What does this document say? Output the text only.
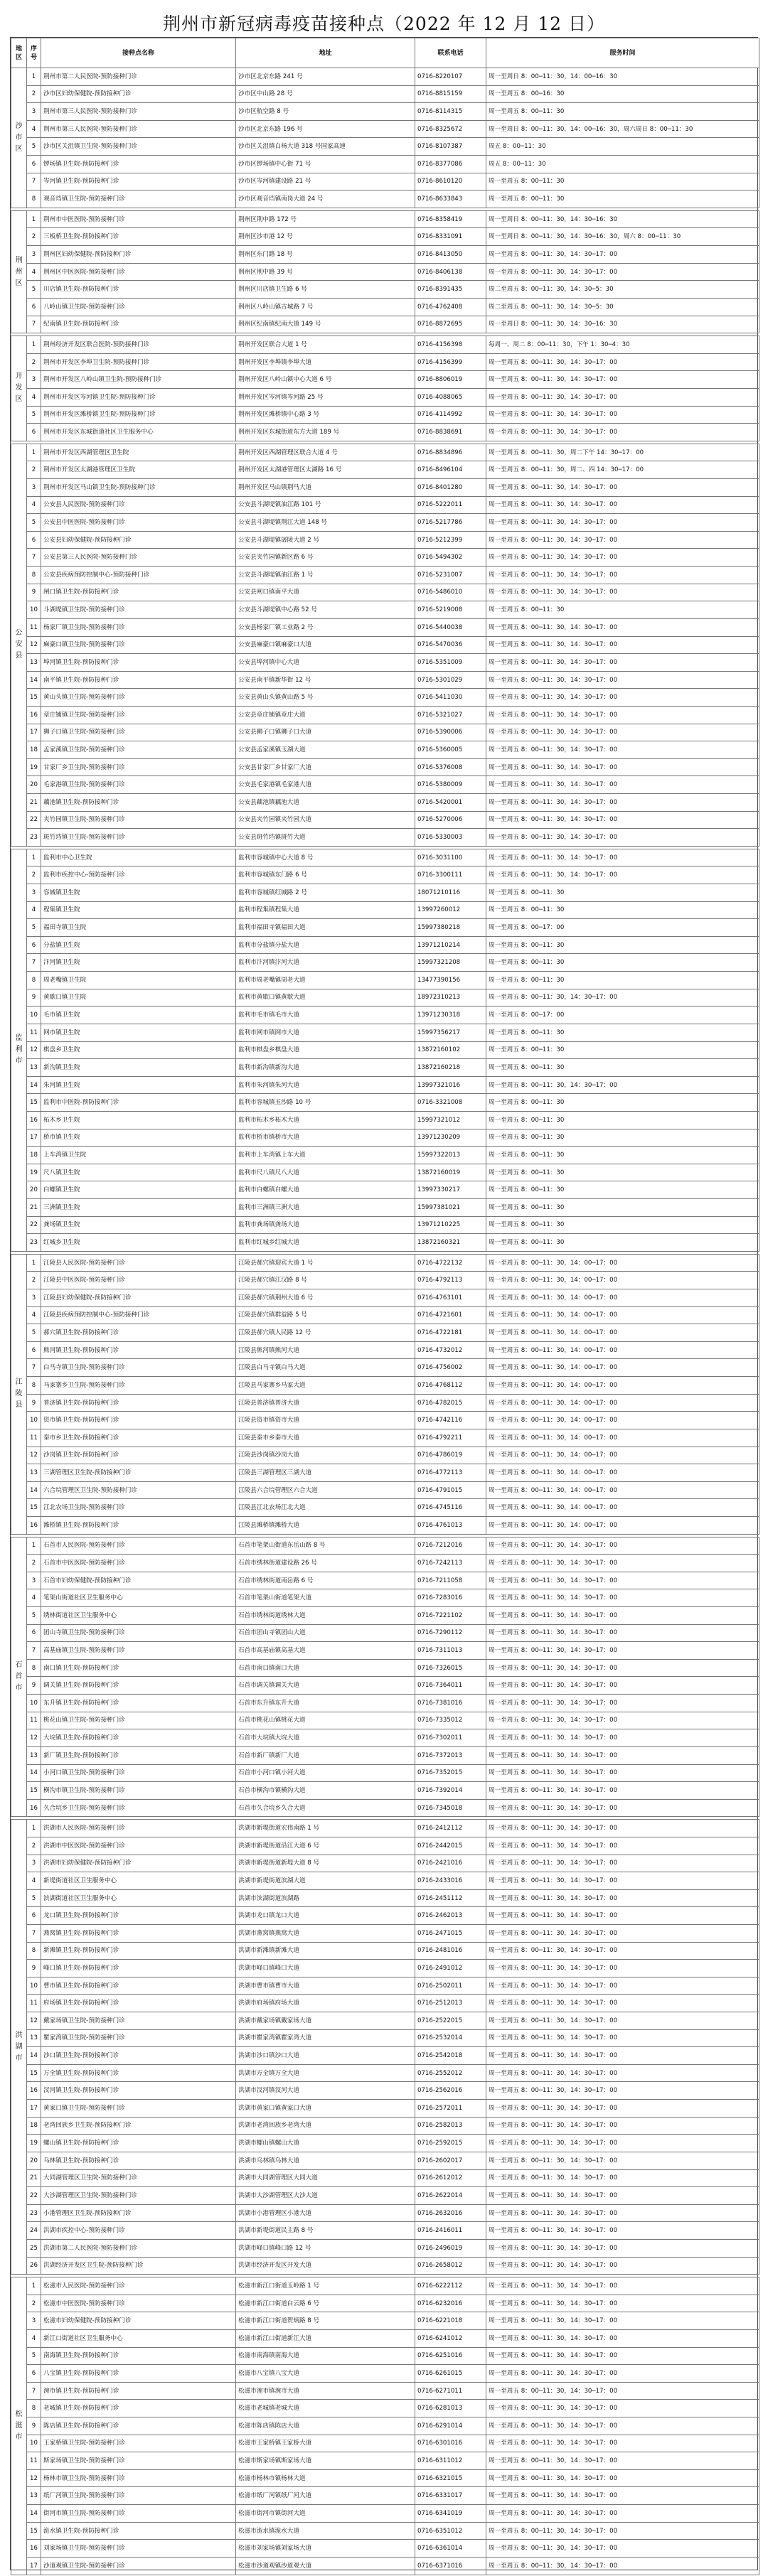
荆州市新冠病毒疫苗接种点（2022 年 12 月 12 日）
地区	序号	接种点名称	地址	联系电话	服务时间
沙
市
区	1	荆州市第二人民医院-预防接种门诊	沙市区北京东路 241 号	0716-8220107	周一至周日 8：00─11：30，14：00─16：30
	2	沙市区妇幼保健院-预防接种门诊	沙市区中山路 28 号	0716-8815159	周一至周五 8：00─16：30
	3	荆州市第三人民医院-预防接种门诊	沙市区航空路 8 号	0716-8114315	周一至周五 8：00─11：30
	4	荆州市第三人民医院-预防接种门诊	沙市区北京东路 196 号	0716-8325672	周一至周日 8：00─11：30，14：00─16：30，周六周日 8：00─11：30
	5	沙市区关沮镇卫生院-预防接种门诊	沙市区关沮镇白杨大道 318 号国家高速	0716-8107387	周五 8：00─11：30
	6	锣场镇卫生院-预防接种门诊	沙市区锣场镇中心街 71 号	0716-8377086	周五 8：00─11：30
	7	岑河镇卫生院-预防接种门诊	沙市区岑河镇建设路 21 号	0716-8610120	周一至周五 8：00─11：30
	8	观音垱镇卫生院-预防接种门诊	沙市区观音垱镇南岗大道 24 号	0716-8633843	周一至周五 8：00─11：30

荆
州
区	1	荆州市中医医院-预防接种门诊	荆州区荆中路 172 号	0716-8358419	周一至周日 8：00─11：30，14：30─16：30
	2	三板桥卫生院-预防接种门诊	荆州区沙市港 12 号	0716-8331091	周一至周日 8：00─11：30，14：30─16：30，周六 8：00─11：30
	3	荆州区妇幼保健院-预防接种门诊	荆州区东门路 18 号	0716-8413050	周一至周五 8：00─11：30，14：30─17：00
	4	荆州区中医医院-预防接种门诊	荆州区荆中路 39 号	0716-8406138	周一至周五 8：00─11：30，14：30─17：00
	5	川店镇卫生院-预防接种门诊	荆州区川店镇卫生路 6 号	0716-8391435	周二至周五 8：00─11：30，14：30─5：30
	6	八岭山镇卫生院-预防接种门诊	荆州区八岭山镇古城路 7 号	0716-4762408	周二至周五 8：00─11：30，14：30─5：30
	7	纪南镇卫生院-预防接种门诊	荆州区纪南镇纪南大道 149 号	0716-8872695	周一至周日 8：00─11：30，14：30─16：30

开
发
区	1	荆州经济开发区联合医院-预防接种门诊	荆州开发区联合大道 1 号	0716-4156398	每周一、周二 8：00─11：30，下午 1：30─4：30
	2	荆州市开发区李埠卫生院-预防接种门诊	荆州开发区李埠镇李埠大道	0716-4156399	周一至周五 8：00─11：30，14：30─17：00
	3	荆州市开发区八岭山镇卫生院-预防接种门诊	荆州开发区八岭山镇中心大道 6 号	0716-8806019	周一至周五 8：00─11：30，14：30─17：00
	4	荆州市开发区岑河镇卫生院-预防接种门诊	荆州开发区岑河镇岑河路 25 号	0716-4088065	周一至周五 8：00─11：30，14：30─17：00
	5	荆州市开发区滩桥镇卫生院-预防接种门诊	荆州开发区滩桥镇中心路 3 号	0716-4114992	周一至周五 8：00─11：30，14：30─17：00
	6	荆州市开发区东城街道社区卫生服务中心	荆州开发区东城街道东方大道 189 号	0716-8838691	周一至周五 8：00─11：30，14：30─17：00

公
安
县	1	荆州市开发区西湖管理区卫生院	荆州开发区西湖管理区联合大道 4 号	0716-8834896	周一至周五 8：00─11：30，周二下午 14：30─17：00
	2	荆州市开发区太湖港管理区卫生院	荆州开发区太湖港管理区太湖路 16 号	0716-8496104	周一至周五 8：00─11：30，周二、四 14：30─17：00
	3	荆州市开发区马山镇卫生院-预防接种门诊	荆州开发区马山镇荆马大道	0716-8401280	周一至周五 8：00─11：30，14：30─17：00
	4	公安县人民医院-预防接种门诊	公安县斗湖堤镇油江路 101 号	0716-5222011	周一至周五 8：00─11：30，14：30─17：00
	5	公安县中医医院-预防接种门诊	公安县斗湖堤镇荆江大道 148 号	0716-5217786	周一至周五 8：00─11：30，14：30─17：00
	6	公安县妇幼保健院-预防接种门诊	公安县斗湖堤镇孱陵大道 2 号	0716-5212399	周一至周五 8：00─11：30，14：30─17：00
	7	公安县第三人民医院-预防接种门诊	公安县夹竹园镇新区路 6 号	0716-5494302	周一至周五 8：00─11：30，14：30─17：00
	8	公安县疾病预防控制中心-预防接种门诊	公安县斗湖堤镇油江路 1 号	0716-5231007	周一至周五 8：00─11：30，14：30─17：00
	9	闸口镇卫生院-预防接种门诊	公安县闸口镇南平大道	0716-5486010	周一至周五 8：00─11：30，14：30─17：00
	10	斗湖堤镇卫生院-预防接种门诊	公安县斗湖堤镇中心路 52 号	0716-5219008	周一至周五 8：00─11：30
	11	杨家厂镇卫生院-预防接种门诊	公安县杨家厂镇工业路 2 号	0716-5440038	周一至周五 8：00─11：30，14：30─17：00
	12	麻豪口镇卫生院-预防接种门诊	公安县麻豪口镇麻豪口大道	0716-5470036	周一至周五 8：00─11：30，14：30─17：00
	13	埠河镇卫生院-预防接种门诊	公安县埠河镇中心大道	0716-5351009	周一至周五 8：00─11：30，14：30─17：00
	14	南平镇卫生院-预防接种门诊	公安县南平镇新华街 12 号	0716-5301029	周一至周五 8：00─11：30，14：30─17：00
	15	黄山头镇卫生院-预防接种门诊	公安县黄山头镇黄山路 5 号	0716-5411030	周一至周五 8：00─11：30，14：30─17：00
	16	章庄铺镇卫生院-预防接种门诊	公安县章庄铺镇章庄大道	0716-5321027	周一至周五 8：00─11：30，14：30─17：00
	17	狮子口镇卫生院-预防接种门诊	公安县狮子口镇狮子口大道	0716-5390006	周一至周五 8：00─11：30，14：30─17：00
	18	孟家溪镇卫生院-预防接种门诊	公安县孟家溪镇玉湖大道	0716-5360005	周一至周五 8：00─11：30，14：30─17：00
	19	甘家厂乡卫生院-预防接种门诊	公安县甘家厂乡甘家厂大道	0716-5376008	周一至周五 8：00─11：30，14：30─17：00
	20	毛家港镇卫生院-预防接种门诊	公安县毛家港镇毛家港大道	0716-5380009	周一至周五 8：00─11：30，14：30─17：00
	21	藕池镇卫生院-预防接种门诊	公安县藕池镇藕池大道	0716-5420001	周一至周五 8：00─11：30，14：30─17：00
	22	夹竹园镇卫生院-预防接种门诊	公安县夹竹园镇夹竹园大道	0716-5270006	周一至周五 8：00─11：30，14：30─17：00
	23	斑竹垱镇卫生院-预防接种门诊	公安县斑竹垱镇斑竹大道	0716-5330003	周一至周五 8：00─11：30，14：30─17：00

监
利
市	1	监利市中心卫生院	监利市容城镇中心大道 8 号	0716-3031100	周一至周五 8：00─11：30，14：30─17：00
	2	监利市疾控中心-预防接种门诊	监利市容城镇东门路 6 号	0716-3300111	周一至周五 8：00─11：30，14：30─17：00
	3	容城镇卫生院	监利市容城镇红城路 2 号	18071210116	周一至周五 8：00─11：30
	4	程集镇卫生院	监利市程集镇程集大道	13997260012	周一至周五 8：00─11：30
	5	福田寺镇卫生院	监利市福田寺镇福田大道	15997380218	周一至周五 8：00─17：00
	6	分盐镇卫生院	监利市分盐镇分盐大道	13971210214	周一至周五 8：00─11：30
	7	汴河镇卫生院	监利市汴河镇汴河大道	15997321208	周一至周五 8：00─11：30
	8	周老嘴镇卫生院	监利市周老嘴镇周老大道	13477390156	周一至周五 8：00─11：30
	9	黄歇口镇卫生院	监利市黄歇口镇黄歇大道	18972310213	周一至周五 8：00─11：30，14：30─17：00
	10	毛市镇卫生院	监利市毛市镇毛市大道	13971230318	周一至周五 8：00─17：00
	11	网市镇卫生院	监利市网市镇网市大道	15997356217	周一至周五 8：00─11：30
	12	棋盘乡卫生院	监利市棋盘乡棋盘大道	13872160102	周一至周五 8：00─11：30
	13	新沟镇卫生院	监利市新沟镇新沟大道	13872160218	周一至周五 8：00─11：30
	14	朱河镇卫生院	监利市朱河镇朱河大道	13997321016	周一至周五 8：00─11：30，14：30─17：00
	15	监利市中医院-预防接种门诊	监利市容城镇玉沙路 10 号	0716-3321008	周一至周五 8：00─11：30
	16	柘木乡卫生院	监利市柘木乡柘木大道	15997321012	周一至周五 8：00─11：30
	17	桥市镇卫生院	监利市桥市镇桥市大道	13971230209	周一至周五 8：00─11：30
	18	上车湾镇卫生院	监利市上车湾镇上车大道	15997322013	周一至周五 8：00─11：30
	19	尺八镇卫生院	监利市尺八镇尺八大道	13872160019	周一至周五 8：00─11：30
	20	白螺镇卫生院	监利市白螺镇白螺大道	13997330217	周一至周五 8：00─11：30
	21	三洲镇卫生院	监利市三洲镇三洲大道	15997381021	周一至周五 8：00─11：30
	22	龚场镇卫生院	监利市龚场镇龚场大道	13971210225	周一至周五 8：00─11：30
	23	红城乡卫生院	监利市红城乡红城大道	13872160321	周一至周五 8：00─11：30

江
陵
县	1	江陵县人民医院-预防接种门诊	江陵县郝穴镇迎宾大道 1 号	0716-4722132	周一至周五 8：00─11：30，14：00─17：00
	2	江陵县中医医院-预防接种门诊	江陵县郝穴镇江汉路 8 号	0716-4792113	周一至周五 8：00─11：30，14：00─17：00
	3	江陵县妇幼保健院-预防接种门诊	江陵县郝穴镇荆州大道 6 号	0716-4763101	周一至周五 8：00─11：30，14：00─17：00
	4	江陵县疾病预防控制中心-预防接种门诊	江陵县郝穴镇群益路 5 号	0716-4721601	周一至周五 8：00─11：30，14：00─17：00
	5	郝穴镇卫生院-预防接种门诊	江陵县郝穴镇人民路 12 号	0716-4722181	周一至周五 8：00─11：30，14：00─17：00
	6	熊河镇卫生院-预防接种门诊	江陵县熊河镇熊河大道	0716-4732012	周一至周五 8：00─11：30，14：00─17：00
	7	白马寺镇卫生院-预防接种门诊	江陵县白马寺镇白马大道	0716-4756002	周一至周五 8：00─11：30，14：00─17：00
	8	马家寨乡卫生院-预防接种门诊	江陵县马家寨乡马家大道	0716-4768112	周一至周五 8：00─11：30，14：00─17：00
	9	普济镇卫生院-预防接种门诊	江陵县普济镇普济大道	0716-4782015	周一至周五 8：00─11：30，14：00─17：00
	10	资市镇卫生院-预防接种门诊	江陵县资市镇资市大道	0716-4742116	周一至周五 8：00─11：30，14：00─17：00
	11	秦市乡卫生院-预防接种门诊	江陵县秦市乡秦市大道	0716-4792211	周一至周五 8：00─11：30，14：00─17：00
	12	沙岗镇卫生院-预防接种门诊	江陵县沙岗镇沙岗大道	0716-4786019	周一至周五 8：00─11：30，14：00─17：00
	13	三湖管理区卫生院-预防接种门诊	江陵县三湖管理区三湖大道	0716-4772113	周一至周五 8：00─11：30，14：00─17：00
	14	六合垸管理区卫生院-预防接种门诊	江陵县六合垸管理区六合大道	0716-4791015	周一至周五 8：00─11：30，14：00─17：00
	15	江北农场卫生院-预防接种门诊	江陵县江北农场江北大道	0716-4745116	周一至周五 8：00─11：30，14：00─17：00
	16	滩桥镇卫生院-预防接种门诊	江陵县滩桥镇滩桥大道	0716-4761013	周一至周五 8：00─11：30，14：00─17：00

石
首
市	1	石首市人民医院-预防接种门诊	石首市笔架山街道东岳山路 8 号	0716-7212016	周一至周五 8：00─11：30，14：30─17：00
	2	石首市中医医院-预防接种门诊	石首市绣林街道建设路 26 号	0716-7242113	周一至周五 8：00─11：30，14：30─17：00
	3	石首市妇幼保健院-预防接种门诊	石首市绣林街道南岳路 6 号	0716-7211058	周一至周五 8：00─11：30，14：30─17：00
	4	笔架山街道社区卫生服务中心	石首市笔架山街道笔架大道	0716-7283016	周一至周五 8：00─11：30，14：30─17：00
	5	绣林街道社区卫生服务中心	石首市绣林街道绣林大道	0716-7221102	周一至周五 8：00─11：30，14：30─17：00
	6	团山寺镇卫生院-预防接种门诊	石首市团山寺镇团山大道	0716-7290112	周一至周五 8：00─11：30，14：30─17：00
	7	高基庙镇卫生院-预防接种门诊	石首市高基庙镇高基大道	0716-7311013	周一至周五 8：00─11：30，14：30─17：00
	8	南口镇卫生院-预防接种门诊	石首市南口镇南口大道	0716-7326015	周一至周五 8：00─11：30，14：30─17：00
	9	调关镇卫生院-预防接种门诊	石首市调关镇调关大道	0716-7364011	周一至周五 8：00─11：30，14：30─17：00
	10	东升镇卫生院-预防接种门诊	石首市东升镇东升大道	0716-7381016	周一至周五 8：00─11：30，14：30─17：00
	11	桃花山镇卫生院-预防接种门诊	石首市桃花山镇桃花大道	0716-7335012	周一至周五 8：00─11：30，14：30─17：00
	12	大垸镇卫生院-预防接种门诊	石首市大垸镇大垸大道	0716-7302011	周一至周五 8：00─11：30，14：30─17：00
	13	新厂镇卫生院-预防接种门诊	石首市新厂镇新厂大道	0716-7372013	周一至周五 8：00─11：30，14：30─17：00
	14	小河口镇卫生院-预防接种门诊	石首市小河口镇小河大道	0716-7352015	周一至周五 8：00─11：30，14：30─17：00
	15	横沟市镇卫生院-预防接种门诊	石首市横沟市镇横沟大道	0716-7392014	周一至周五 8：00─11：30，14：30─17：00
	16	久合垸乡卫生院-预防接种门诊	石首市久合垸乡久合大道	0716-7345018	周一至周五 8：00─11：30，14：30─17：00

洪
湖
市	1	洪湖市人民医院-预防接种门诊	洪湖市新堤街道宏伟南路 1 号	0716-2412112	周一至周五 8：00─11：30，14：30─17：00
	2	洪湖市中医医院-预防接种门诊	洪湖市新堤街道沿江大道 6 号	0716-2442015	周一至周五 8：00─11：30，14：30─17：00
	3	洪湖市妇幼保健院-预防接种门诊	洪湖市新堤街道新堤大道 8 号	0716-2421016	周一至周五 8：00─11：30，14：30─17：00
	4	新堤街道社区卫生服务中心	洪湖市新堤街道滨湖大道	0716-2433016	周一至周五 8：00─11：30，14：30─17：00
	5	滨湖街道社区卫生服务中心	洪湖市滨湖街道滨湖路	0716-2451112	周一至周五 8：00─11：30，14：30─17：00
	6	龙口镇卫生院-预防接种门诊	洪湖市龙口镇龙口大道	0716-2462013	周一至周五 8：00─11：30，14：30─17：00
	7	燕窝镇卫生院-预防接种门诊	洪湖市燕窝镇燕窝大道	0716-2471015	周一至周五 8：00─11：30，14：30─17：00
	8	新滩镇卫生院-预防接种门诊	洪湖市新滩镇新滩大道	0716-2481016	周一至周五 8：00─11：30，14：30─17：00
	9	峰口镇卫生院-预防接种门诊	洪湖市峰口镇峰口大道	0716-2491012	周一至周五 8：00─11：30，14：30─17：00
	10	曹市镇卫生院-预防接种门诊	洪湖市曹市镇曹市大道	0716-2502011	周一至周五 8：00─11：30，14：30─17：00
	11	府场镇卫生院-预防接种门诊	洪湖市府场镇府场大道	0716-2512013	周一至周五 8：00─11：30，14：30─17：00
	12	戴家场镇卫生院-预防接种门诊	洪湖市戴家场镇戴家场大道	0716-2522015	周一至周五 8：00─11：30，14：30─17：00
	13	瞿家湾镇卫生院-预防接种门诊	洪湖市瞿家湾镇瞿家湾大道	0716-2532014	周一至周五 8：00─11：30，14：30─17：00
	14	沙口镇卫生院-预防接种门诊	洪湖市沙口镇沙口大道	0716-2542018	周一至周五 8：00─11：30，14：30─17：00
	15	万全镇卫生院-预防接种门诊	洪湖市万全镇万全大道	0716-2552012	周一至周五 8：00─11：30，14：30─17：00
	16	汊河镇卫生院-预防接种门诊	洪湖市汊河镇汊河大道	0716-2562016	周一至周五 8：00─11：30，14：30─17：00
	17	黄家口镇卫生院-预防接种门诊	洪湖市黄家口镇黄家口大道	0716-2572011	周一至周五 8：00─11：30，14：30─17：00
	18	老湾回族乡卫生院-预防接种门诊	洪湖市老湾回族乡老湾大道	0716-2582013	周一至周五 8：00─11：30，14：30─17：00
	19	螺山镇卫生院-预防接种门诊	洪湖市螺山镇螺山大道	0716-2592015	周一至周五 8：00─11：30，14：30─17：00
	20	乌林镇卫生院-预防接种门诊	洪湖市乌林镇乌林大道	0716-2602017	周一至周五 8：00─11：30，14：30─17：00
	21	大同湖管理区卫生院-预防接种门诊	洪湖市大同湖管理区大同大道	0716-2612012	周一至周五 8：00─11：30，14：30─17：00
	22	大沙湖管理区卫生院-预防接种门诊	洪湖市大沙湖管理区大沙大道	0716-2622014	周一至周五 8：00─11：30，14：30─17：00
	23	小港管理区卫生院-预防接种门诊	洪湖市小港管理区小港大道	0716-2632016	周一至周五 8：00─11：30，14：30─17：00
	24	洪湖市疾控中心-预防接种门诊	洪湖市新堤街道民主路 8 号	0716-2416011	周一至周五 8：00─11：30，14：30─17：00
	25	洪湖市第二人民医院-预防接种门诊	洪湖市峰口镇峰口路 12 号	0716-2496019	周一至周五 8：00─11：30，14：30─17：00
	26	洪湖经济开发区卫生院-预防接种门诊	洪湖市经济开发区开发大道	0716-2658012	周一至周五 8：00─11：30，14：30─17：00

松
滋
市	1	松滋市人民医院-预防接种门诊	松滋市新江口街道玉岭路 1 号	0716-6222112	周一至周五 8：00─11：30，14：30─17：00
	2	松滋市中医医院-预防接种门诊	松滋市新江口街道白云路 6 号	0716-6232016	周一至周五 8：00─11：30，14：30─17：00
	3	松滋市妇幼保健院-预防接种门诊	松滋市新江口街道贺炳路 8 号	0716-6221018	周一至周五 8：00─11：30，14：30─17：00
	4	新江口街道社区卫生服务中心	松滋市新江口街道新江大道	0716-6241012	周一至周五 8：00─11：30，14：30─17：00
	5	南海镇卫生院-预防接种门诊	松滋市南海镇南海大道	0716-6251016	周一至周五 8：00─11：30，14：30─17：00
	6	八宝镇卫生院-预防接种门诊	松滋市八宝镇八宝大道	0716-6261015	周一至周五 8：00─11：30，14：30─17：00
	7	涴市镇卫生院-预防接种门诊	松滋市涴市镇涴市大道	0716-6271011	周一至周五 8：00─11：30，14：30─17：00
	8	老城镇卫生院-预防接种门诊	松滋市老城镇老城大道	0716-6281013	周一至周五 8：00─11：30，14：30─17：00
	9	陈店镇卫生院-预防接种门诊	松滋市陈店镇陈店大道	0716-6291014	周一至周五 8：00─11：30，14：30─17：00
	10	王家桥镇卫生院-预防接种门诊	松滋市王家桥镇王家桥大道	0716-6301016	周一至周五 8：00─11：30，14：30─17：00
	11	斯家场镇卫生院-预防接种门诊	松滋市斯家场镇斯家场大道	0716-6311012	周一至周五 8：00─11：30，14：30─17：00
	12	杨林市镇卫生院-预防接种门诊	松滋市杨林市镇杨林大道	0716-6321015	周一至周五 8：00─11：30，14：30─17：00
	13	纸厂河镇卫生院-预防接种门诊	松滋市纸厂河镇纸厂河大道	0716-6331017	周一至周五 8：00─11：30，14：30─17：00
	14	街河市镇卫生院-预防接种门诊	松滋市街河市镇街河大道	0716-6341019	周一至周五 8：00─11：30，14：30─17：00
	15	洈水镇卫生院-预防接种门诊	松滋市洈水镇洈水大道	0716-6351012	周一至周五 8：00─11：30，14：30─17：00
	16	刘家场镇卫生院-预防接种门诊	松滋市刘家场镇刘家场大道	0716-6361014	周一至周五 8：00─11：30，14：30─17：00
	17	沙道观镇卫生院-预防接种门诊	松滋市沙道观镇沙道观大道	0716-6371016	周一至周五 8：00─11：30，14：30─17：00
